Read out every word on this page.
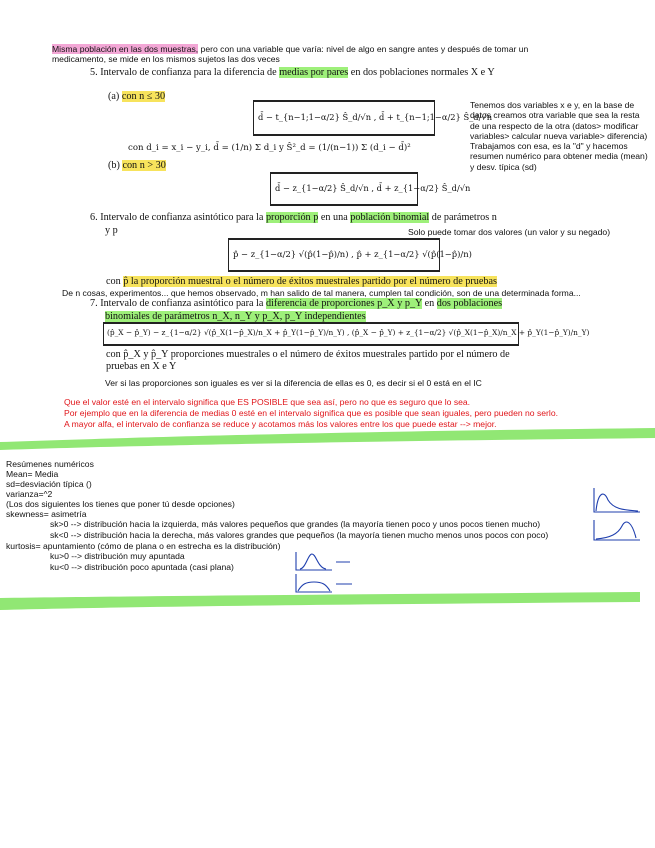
Misma población en las dos muestras, pero con una variable que varía: nivel de algo en sangre antes y después de tomar un
medicamento, se mide en los mismos sujetos las dos veces
5. Intervalo de confianza para la diferencia de medias por pares en dos poblaciones normales X e Y
(a) con n ≤ 30
d̄ − t_{n−1;1−α/2} Ŝ_d/√n , d̄ + t_{n−1;1−α/2} Ŝ_d/√n
con d_i = x_i − y_i, d̄ = (1/n) Σ d_i y Ŝ²_d = (1/(n−1)) Σ (d_i − d̄)²
(b) con n > 30
d̄ − z_{1−α/2} Ŝ_d/√n , d̄ + z_{1−α/2} Ŝ_d/√n
Tenemos dos variables x e y, en la base de datos creamos otra variable que sea la resta de una respecto de la otra (datos> modificar variables> calcular nueva variable> diferencia) Trabajamos con esa, es la "d" y hacemos resumen numérico para obtener media (mean) y desv. típica (sd)
6. Intervalo de confianza asintótico para la proporción p en una población binomial de parámetros n
y p	Solo puede tomar dos valores (un valor y su negado)
p̂ − z_{1−α/2} √(p̂(1−p̂)/n) , p̂ + z_{1−α/2} √(p̂(1−p̂)/n)
con p̂ la proporción muestral o el número de éxitos muestrales partido por el número de pruebas
De n cosas, experimentos... que hemos observado, m han salido de tal manera, cumplen tal condición, son de una determinada forma...
7. Intervalo de confianza asintótico para la diferencia de proporciones p_X y p_Y en dos poblaciones
binomiales de parámetros n_X, n_Y y p_X, p_Y independientes
(p̂_X − p̂_Y) − z_{1−α/2} √(p̂_X(1−p̂_X)/n_X + p̂_Y(1−p̂_Y)/n_Y) , (p̂_X − p̂_Y) + z_{1−α/2} √(p̂_X(1−p̂_X)/n_X + p̂_Y(1−p̂_Y)/n_Y)
con p̂_X y p̂_Y proporciones muestrales o el número de éxitos muestrales partido por el número de
pruebas en X e Y
Ver si las proporciones son iguales es ver si la diferencia de ellas es 0, es decir si el 0 está en el IC
Que el valor esté en el intervalo significa que ES POSIBLE que sea así, pero no que es seguro que lo sea.
Por ejemplo que en la diferencia de medias 0 esté en el intervalo significa que es posible que sean iguales, pero pueden no serlo.
A mayor alfa, el intervalo de confianza se reduce y acotamos más los valores entre los que puede estar --> mejor.
Resúmenes numéricos
Mean= Media
sd=desviación típica ()
varianza=^2
(Los dos siguientes los tienes que poner tú desde opciones)
skewness= asimetría
sk>0 --> distribución hacia la izquierda, más valores pequeños que grandes (la mayoría tienen poco y unos pocos tienen mucho)
sk<0 --> distribución hacia la derecha, más valores grandes que pequeños (la mayoría tienen mucho menos unos pocos con poco)
kurtosis= apuntamiento (cómo de plana o en estrecha es la distribución)
ku>0 --> distribución muy apuntada
ku<0 --> distribución poco apuntada (casi plana)
